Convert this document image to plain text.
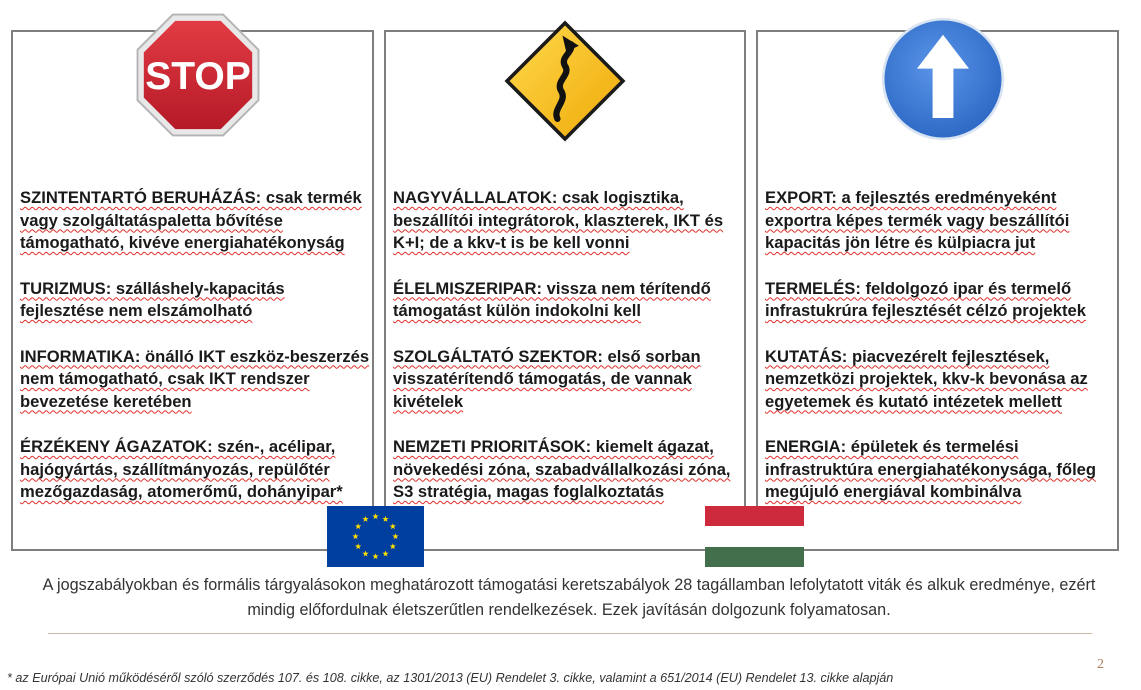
STOP

SZINTENTARTÓ BERUHÁZÁS: csak termék vagy szolgáltatáspaletta bővítése támogatható, kivéve energiahatékonyság

TURIZMUS: szálláshely-kapacitás fejlesztése nem elszámolható

INFORMATIKA: önálló IKT eszköz-beszerzés nem támogatható, csak IKT rendszer bevezetése keretében

ÉRZÉKENY ÁGAZATOK: szén-, acélipar, hajógyártás, szállítmányozás, repülőtér mezőgazdaság, atomerőmű, dohányipar*

NAGYVÁLLALATOK: csak logisztika, beszállítói integrátorok, klaszterek, IKT és K+I; de a kkv-t is be kell vonni

ÉLELMISZERIPAR: vissza nem térítendő támogatást külön indokolni kell

SZOLGÁLTATÓ SZEKTOR: első sorban visszatérítendő támogatás, de vannak kivételek

NEMZETI PRIORITÁSOK: kiemelt ágazat, növekedési zóna, szabadvállalkozási zóna, S3 stratégia, magas foglalkoztatás

EXPORT: a fejlesztés eredményeként exportra képes termék vagy beszállítói kapacitás jön létre és külpiacra jut

TERMELÉS: feldolgozó ipar és termelő infrastukrúra fejlesztését célzó projektek

KUTATÁS: piacvezérelt fejlesztések, nemzetközi projektek, kkv-k bevonása az egyetemek és kutató intézetek mellett

ENERGIA: épületek és termelési infrastruktúra energiahatékonysága, főleg megújuló energiával kombinálva

A jogszabályokban és formális tárgyalásokon meghatározott támogatási keretszabályok 28 tagállamban lefolytatott viták és alkuk eredménye, ezért mindig előfordulnak életszerűtlen rendelkezések. Ezek javításán dolgozunk folyamatosan.

2

* az Európai Unió működéséről szóló szerződés 107. és 108. cikke, az 1301/2013 (EU) Rendelet 3. cikke, valamint a 651/2014 (EU) Rendelet 13. cikke alapján
